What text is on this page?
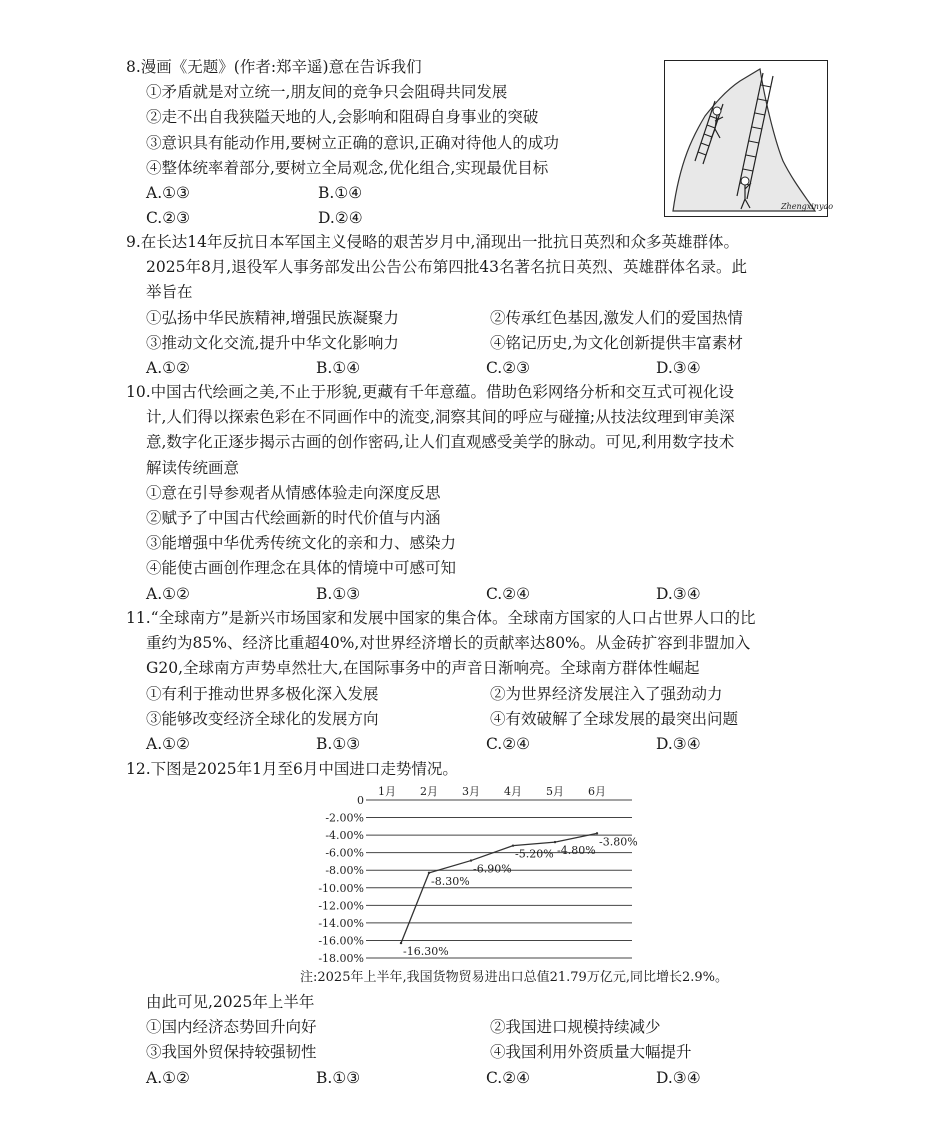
8.漫画《无题》(作者:郑辛遥)意在告诉我们
①矛盾就是对立统一,朋友间的竞争只会阻碍共同发展
②走不出自我狭隘天地的人,会影响和阻碍自身事业的突破
③意识具有能动作用,要树立正确的意识,正确对待他人的成功
④整体统率着部分,要树立全局观念,优化组合,实现最优目标
A.①③	B.①④
C.②③	D.②④
Zhengxinyao
9.在长达14年反抗日本军国主义侵略的艰苦岁月中,涌现出一批抗日英烈和众多英雄群体。
2025年8月,退役军人事务部发出公告公布第四批43名著名抗日英烈、英雄群体名录。此
举旨在
①弘扬中华民族精神,增强民族凝聚力	②传承红色基因,激发人们的爱国热情
③推动文化交流,提升中华文化影响力	④铭记历史,为文化创新提供丰富素材
A.①②	B.①④	C.②③	D.③④
10.中国古代绘画之美,不止于形貌,更藏有千年意蕴。借助色彩网络分析和交互式可视化设
计,人们得以探索色彩在不同画作中的流变,洞察其间的呼应与碰撞;从技法纹理到审美深
意,数字化正逐步揭示古画的创作密码,让人们直观感受美学的脉动。可见,利用数字技术
解读传统画意
①意在引导参观者从情感体验走向深度反思
②赋予了中国古代绘画新的时代价值与内涵
③能增强中华优秀传统文化的亲和力、感染力
④能使古画创作理念在具体的情境中可感可知
A.①②	B.①③	C.②④	D.③④
11.“全球南方”是新兴市场国家和发展中国家的集合体。全球南方国家的人口占世界人口的比
重约为85%、经济比重超40%,对世界经济增长的贡献率达80%。从金砖扩容到非盟加入
G20,全球南方声势卓然壮大,在国际事务中的声音日渐响亮。全球南方群体性崛起
①有利于推动世界多极化深入发展	②为世界经济发展注入了强劲动力
③能够改变经济全球化的发展方向	④有效破解了全球发展的最突出问题
A.①②	B.①③	C.②④	D.③④
12.下图是2025年1月至6月中国进口走势情况。
0
-2.00%
-4.00%
-6.00%
-8.00%
-10.00%
-12.00%
-14.00%
-16.00%
-18.00%
1月 2月 3月 4月 5月 6月
-16.30%
-8.30%
-6.90%
-5.20% -4.80%
-3.80%
注:2025年上半年,我国货物贸易进出口总值21.79万亿元,同比增长2.9%。
由此可见,2025年上半年
①国内经济态势回升向好	②我国进口规模持续减少
③我国外贸保持较强韧性	④我国利用外资质量大幅提升
A.①②	B.①③	C.②④	D.③④
